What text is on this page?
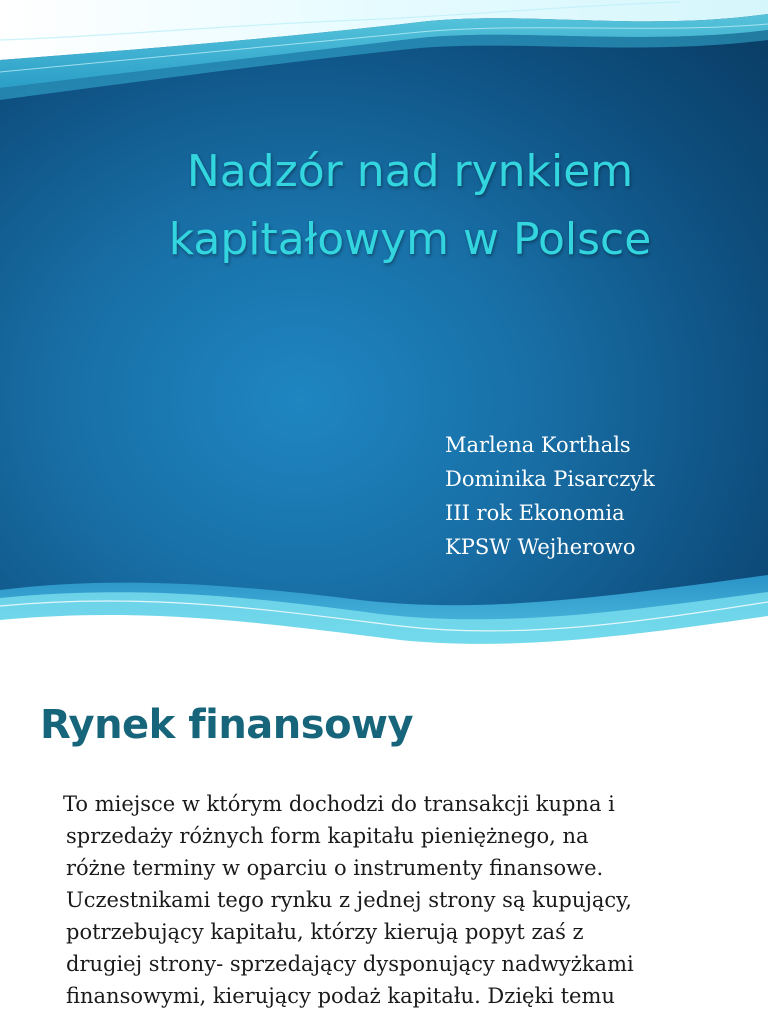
Nadzór nad rynkiem
kapitałowym w Polsce
Marlena Korthals
Dominika Pisarczyk
III rok Ekonomia
KPSW Wejherowo
Rynek finansowy

To miejsce w którym dochodzi do transakcji kupna i
sprzedaży różnych form kapitału pieniężnego, na
różne terminy w oparciu o instrumenty finansowe.
Uczestnikami tego rynku z jednej strony są kupujący,
potrzebujący kapitału, którzy kierują popyt zaś z
drugiej strony- sprzedający dysponujący nadwyżkami
finansowymi, kierujący podaż kapitału. Dzięki temu
